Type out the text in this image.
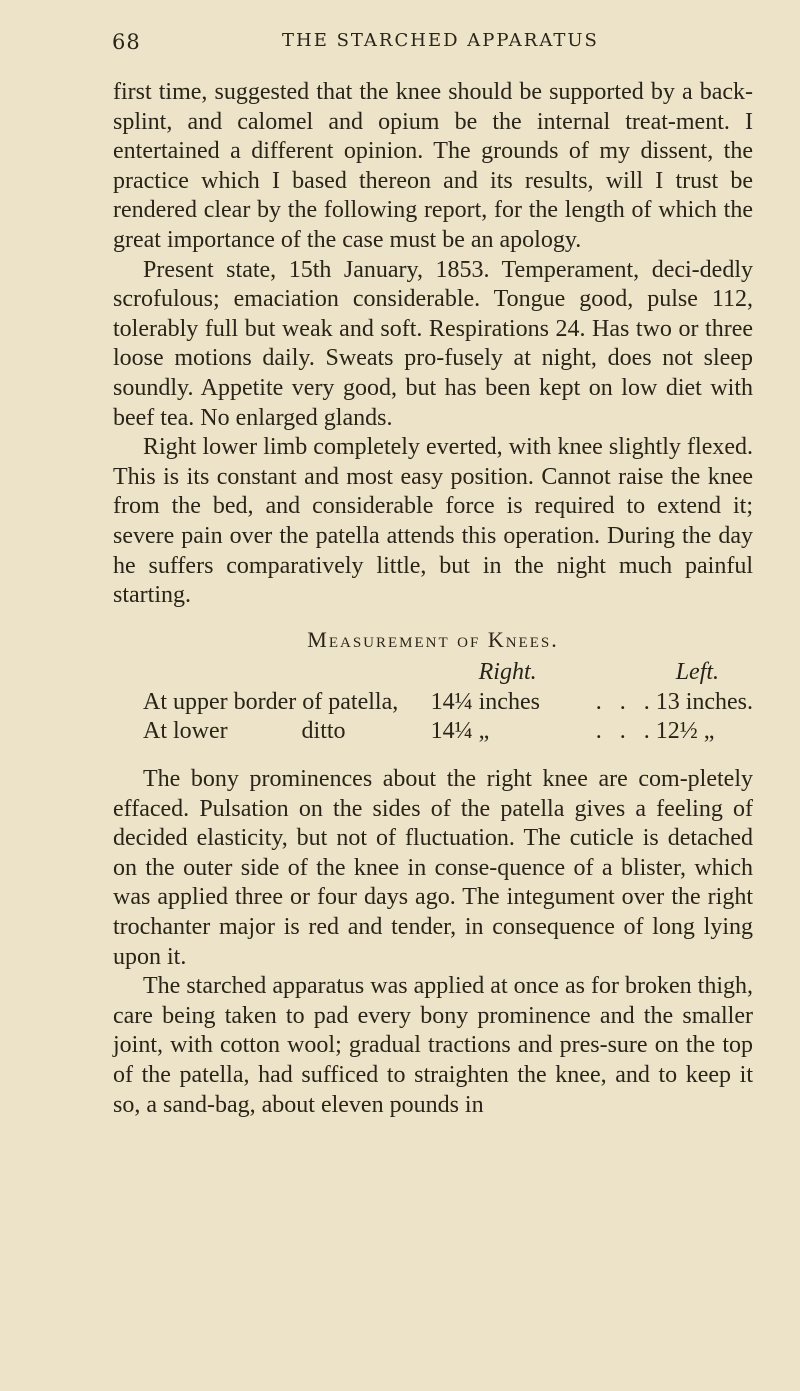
68	THE STARCHED APPARATUS

first time, suggested that the knee should be supported by a back-splint, and calomel and opium be the internal treat-ment. I entertained a different opinion. The grounds of my dissent, the practice which I based thereon and its results, will I trust be rendered clear by the following report, for the length of which the great importance of the case must be an apology.

Present state, 15th January, 1853. Temperament, deci-dedly scrofulous; emaciation considerable. Tongue good, pulse 112, tolerably full but weak and soft. Respirations 24. Has two or three loose motions daily. Sweats pro-fusely at night, does not sleep soundly. Appetite very good, but has been kept on low diet with beef tea. No enlarged glands.

Right lower limb completely everted, with knee slightly flexed. This is its constant and most easy position. Cannot raise the knee from the bed, and considerable force is required to extend it; severe pain over the patella attends this operation. During the day he suffers comparatively little, but in the night much painful starting.

Measurement of Knees.
		Right.		Left.
At upper border of patella,		14¼ inches	. . .	13 inches.
At lower	ditto	14¼ „	. . .	12½ „

The bony prominences about the right knee are com-pletely effaced. Pulsation on the sides of the patella gives a feeling of decided elasticity, but not of fluctuation. The cuticle is detached on the outer side of the knee in conse-quence of a blister, which was applied three or four days ago. The integument over the right trochanter major is red and tender, in consequence of long lying upon it.

The starched apparatus was applied at once as for broken thigh, care being taken to pad every bony prominence and the smaller joint, with cotton wool; gradual tractions and pres-sure on the top of the patella, had sufficed to straighten the knee, and to keep it so, a sand-bag, about eleven pounds in
